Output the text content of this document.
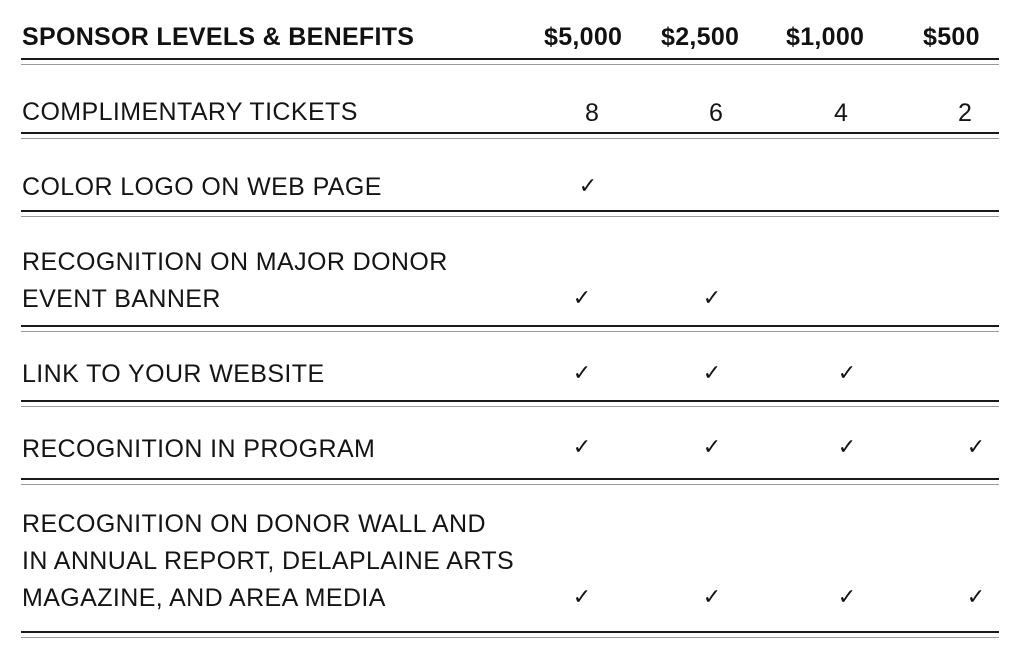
SPONSOR LEVELS & BENEFITS	$5,000 $2,500 $1,000 $500
COMPLIMENTARY TICKETS	8	6	4	2
COLOR LOGO ON WEB PAGE	✓
RECOGNITION ON MAJOR DONOR
EVENT BANNER	✓	✓
LINK TO YOUR WEBSITE	✓	✓	✓
RECOGNITION IN PROGRAM	✓	✓	✓	✓
RECOGNITION ON DONOR WALL AND
IN ANNUAL REPORT, DELAPLAINE ARTS
MAGAZINE, AND AREA MEDIA	✓	✓	✓	✓
